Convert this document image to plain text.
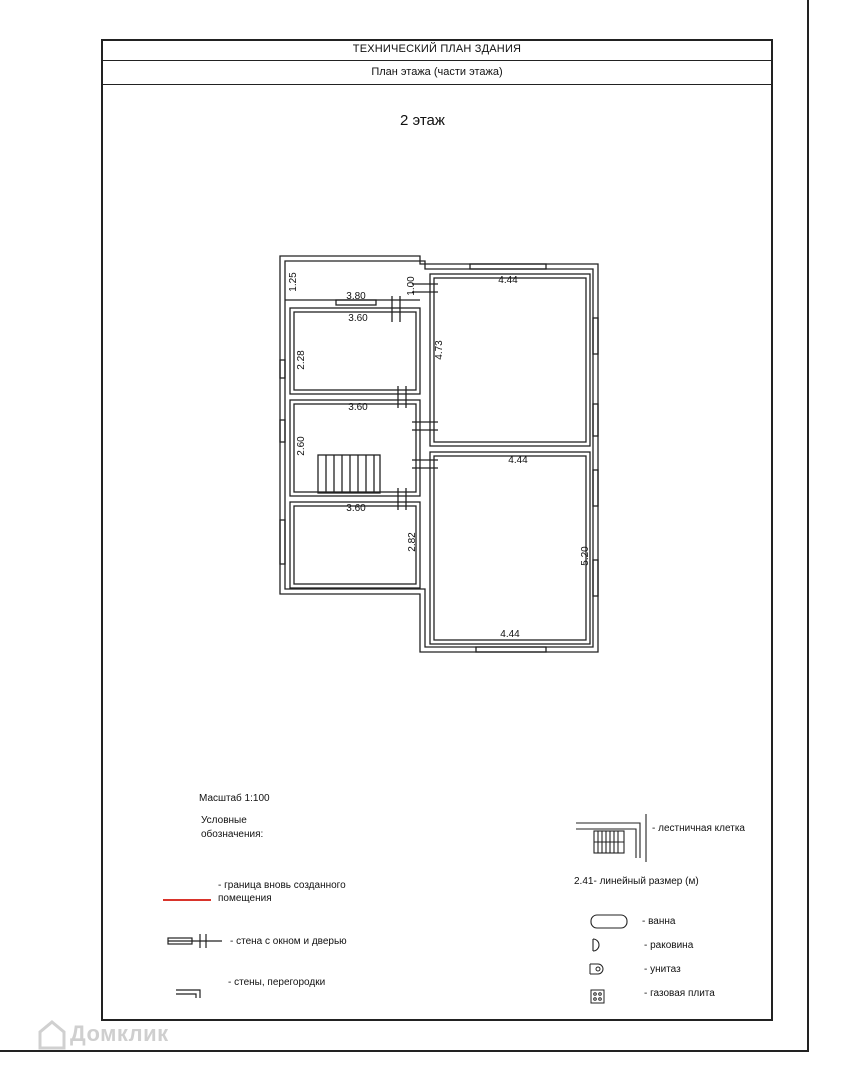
ТЕХНИЧЕСКИЙ ПЛАН ЗДАНИЯ
План этажа (части этажа)
2 этаж
1.25
3.80
1.00	4.44
3.60
2.28
4.73
3.60
2.60
4.44
3.60
2.82
5.20
4.44
Масштаб 1:100
Условные
обозначения:
- граница вновь созданного
помещения
- стена с окном и дверью
- стены, перегородки
- лестничная клетка
2.41- линейный размер (м)
- ванна
- раковина
- унитаз
- газовая плита
Домклик
